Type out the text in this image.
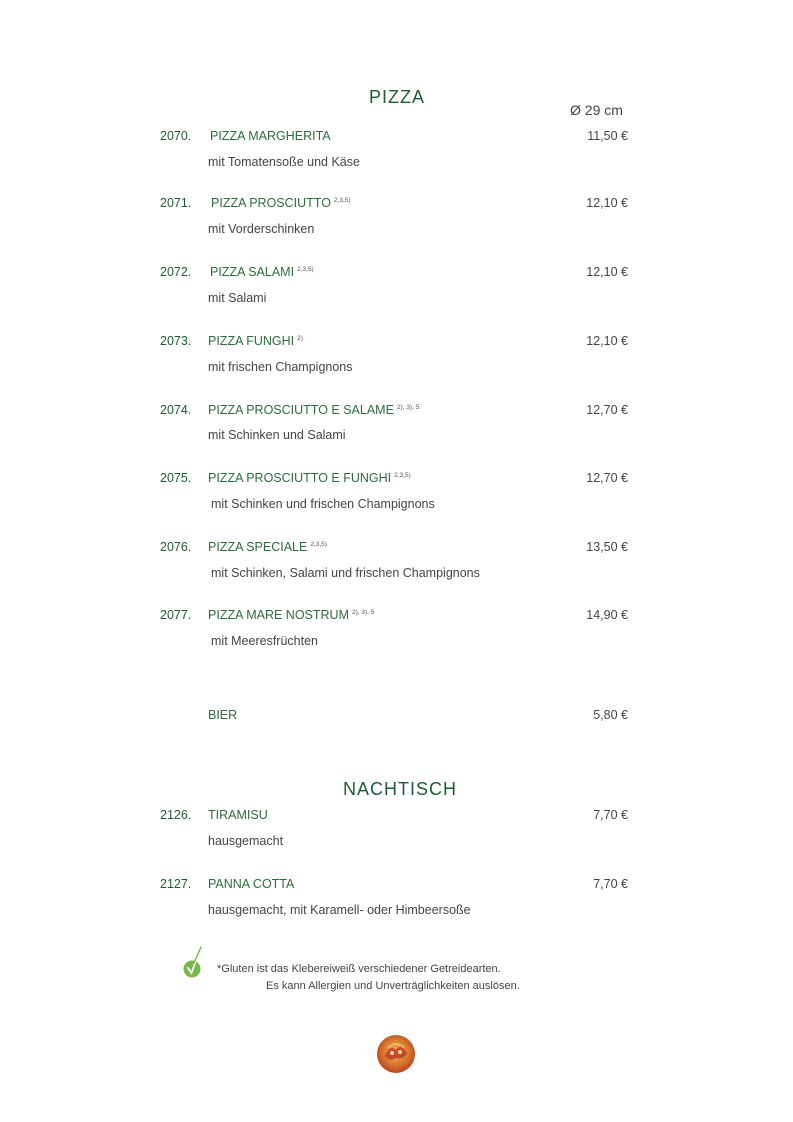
PIZZA
Ø 29 cm
2070. PIZZA MARGHERITA	11,50 €
mit Tomatensoße und Käse
2071. PIZZA PROSCIUTTO $^{2,3,5)}$	12,10 €
mit Vorderschinken
2072. PIZZA SALAMI $^{2,3,5)}$	12,10 €
mit Salami
2073. PIZZA FUNGHI $^{2)}$	12,10 €
mit frischen Champignons
2074. PIZZA PROSCIUTTO E SALAME $^{2), 3), 5}$	12,70 €
mit Schinken und Salami
2075. PIZZA PROSCIUTTO E FUNGHI $^{2,3,5)}$	12,70 €
mit Schinken und frischen Champignons
2076. PIZZA SPECIALE $^{2,3,5)}$	13,50 €
mit Schinken, Salami und frischen Champignons
2077. PIZZA MARE NOSTRUM $^{2), 3), 5}$	14,90 €
mit Meeresfrüchten
BIER	5,80 €
NACHTISCH
2126. TIRAMISU	7,70 €
hausgemacht
2127. PANNA COTTA	7,70 €
hausgemacht, mit Karamell- oder Himbeersoße
*Gluten ist das Klebereiweiß verschiedener Getreidearten.
Es kann Allergien und Unverträglichkeiten auslösen.
